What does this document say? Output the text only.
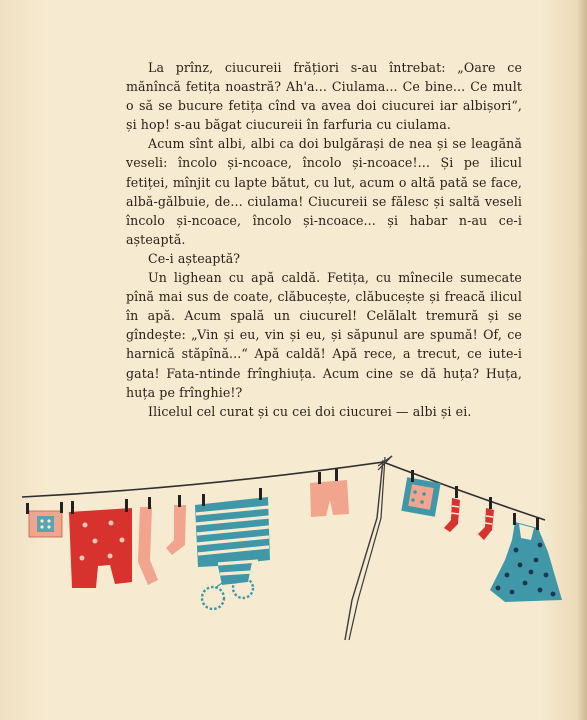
La prînz, ciucureii frățiori s-au întrebat: „Oare ce mănîncă fetița noastră? Ah'a... Ciulama... Ce bine... Ce mult o să se bucure fetița cînd va avea doi ciucurei iar albișori“, și hop! s-au băgat ciucureii în farfuria cu ciulama.

Acum sînt albi, albi ca doi bulgărași de nea și se leagănă veseli: încolo și-ncoace, încolo și-ncoace!... Și pe ilicul fetiței, mînjit cu lapte bătut, cu lut, acum o altă pată se face, albă-gălbuie, de... ciulama! Ciucureii se fălesc și saltă veseli încolo și-ncoace, încolo și-ncoace... și habar n-au ce-i așteaptă.

Ce-i așteaptă?

Un lighean cu apă caldă. Fetița, cu mînecile sumecate pînă mai sus de coate, clăbucește, clăbucește și freacă ilicul în apă. Acum spală un ciucurel! Celălalt tremură și se gîndește: „Vin și eu, vin și eu, și săpunul are spumă! Of, ce harnică stăpînă...“ Apă caldă! Apă rece, a trecut, ce iute-i gata! Fata-ntinde frînghiuța. Acum cine se dă huța? Huța, huța pe frînghie!?

Ilicelul cel curat și cu cei doi ciucurei — albi și ei.
